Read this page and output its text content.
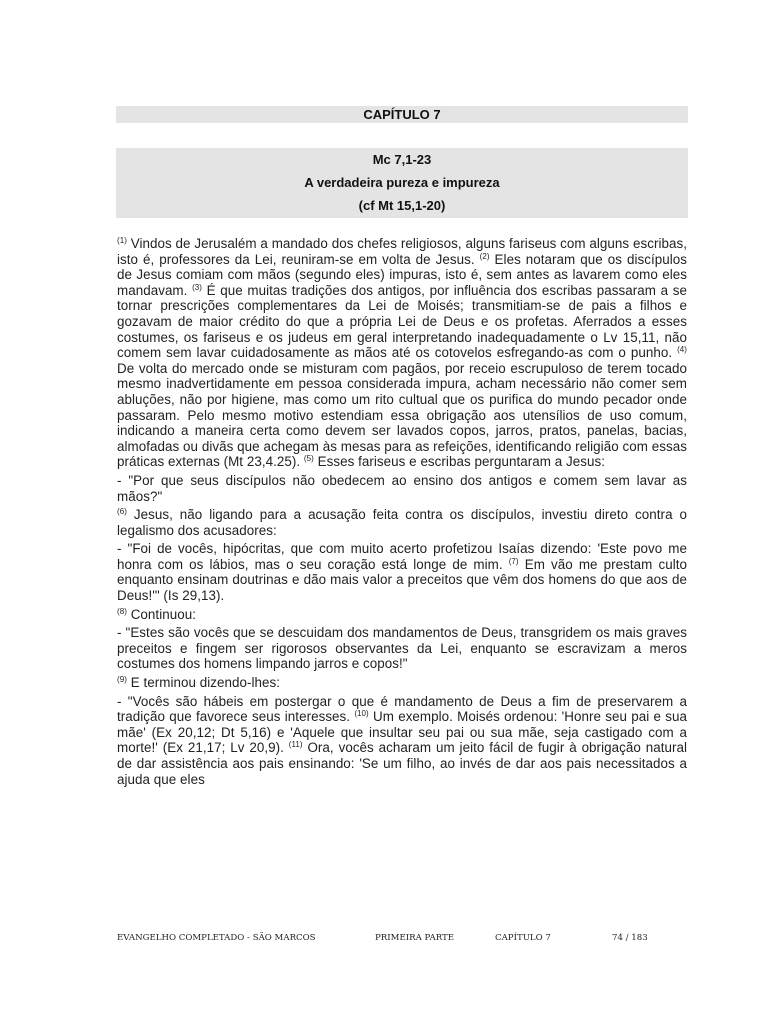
CAPÍTULO 7
Mc 7,1-23
A verdadeira pureza e impureza
(cf Mt 15,1-20)

$^{(1)}$ Vindos de Jerusalém a mandado dos chefes religiosos, alguns fariseus com alguns escribas, isto é, professores da Lei, reuniram-se em volta de Jesus. $^{(2)}$ Eles notaram que os discípulos de Jesus comiam com mãos (segundo eles) impuras, isto é, sem antes as lavarem como eles mandavam. $^{(3)}$ É que muitas tradições dos antigos, por influência dos escribas passaram a se tornar prescrições complementares da Lei de Moisés; transmitiam-se de pais a filhos e gozavam de maior crédito do que a própria Lei de Deus e os profetas. Aferrados a esses costumes, os fariseus e os judeus em geral interpretando inadequadamente o Lv 15,11, não comem sem lavar cuidadosamente as mãos até os cotovelos esfregando-as com o punho. $^{(4)}$ De volta do mercado onde se misturam com pagãos, por receio escrupuloso de terem tocado mesmo inadvertidamente em pessoa considerada impura, acham necessário não comer sem abluções, não por higiene, mas como um rito cultual que os purifica do mundo pecador onde passaram. Pelo mesmo motivo estendiam essa obrigação aos utensílios de uso comum, indicando a maneira certa como devem ser lavados copos, jarros, pratos, panelas, bacias, almofadas ou divãs que achegam às mesas para as refeições, identificando religião com essas práticas externas (Mt 23,4.25). $^{(5)}$ Esses fariseus e escribas perguntaram a Jesus:

- "Por que seus discípulos não obedecem ao ensino dos antigos e comem sem lavar as mãos?"

$^{(6)}$ Jesus, não ligando para a acusação feita contra os discípulos, investiu direto contra o legalismo dos acusadores:

- "Foi de vocês, hipócritas, que com muito acerto profetizou Isaías dizendo: 'Este povo me honra com os lábios, mas o seu coração está longe de mim. $^{(7)}$ Em vão me prestam culto enquanto ensinam doutrinas e dão mais valor a preceitos que vêm dos homens do que aos de Deus!'" (Is 29,13).

$^{(8)}$ Continuou:

- "Estes são vocês que se descuidam dos mandamentos de Deus, transgridem os mais graves preceitos e fingem ser rigorosos observantes da Lei, enquanto se escravizam a meros costumes dos homens limpando jarros e copos!"

$^{(9)}$ E terminou dizendo-lhes:

- "Vocês são hábeis em postergar o que é mandamento de Deus a fim de preservarem a tradição que favorece seus interesses. $^{(10)}$ Um exemplo. Moisés ordenou: 'Honre seu pai e sua mãe' (Ex 20,12; Dt 5,16) e 'Aquele que insultar seu pai ou sua mãe, seja castigado com a morte!' (Ex 21,17; Lv 20,9). $^{(11)}$ Ora, vocês acharam um jeito fácil de fugir à obrigação natural de dar assistência aos pais ensinando: 'Se um filho, ao invés de dar aos pais necessitados a ajuda que eles

EVANGELHO COMPLETADO - SÃO MARCOS	PRIMEIRA PARTE	CAPÍTULO 7	74 / 183
